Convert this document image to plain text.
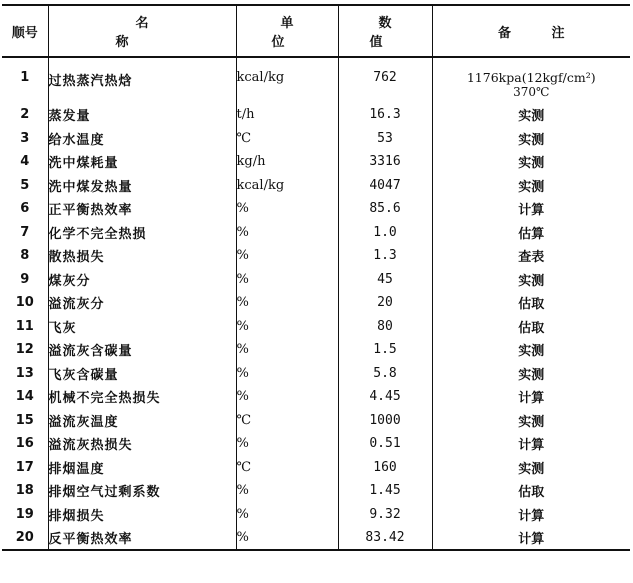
顺号	名 称	单 位	数 值	备 注
1	过热蒸汽热焓	kcal/kg	762	1176kpa(12kgf/cm²)
370℃

2	蒸发量	t/h	16.3	实测
3	给水温度	℃	53	实测
4	洗中煤耗量	kg/h	3316	实测
5	洗中煤发热量	kcal/kg	4047	实测
6	正平衡热效率	%	85.6	计算
7	化学不完全热损	%	1.0	估算
8	散热损失	%	1.3	查表
9	煤灰分	%	45	实测
10	溢流灰分	%	20	估取
11	飞灰	%	80	估取
12	溢流灰含碳量	%	1.5	实测
13	飞灰含碳量	%	5.8	实测
14	机械不完全热损失	%	4.45	计算
15	溢流灰温度	℃	1000	实测
16	溢流灰热损失	%	0.51	计算
17	排烟温度	℃	160	实测
18	排烟空气过剩系数	%	1.45	估取
19	排烟损失	%	9.32	计算
20	反平衡热效率	%	83.42	计算
